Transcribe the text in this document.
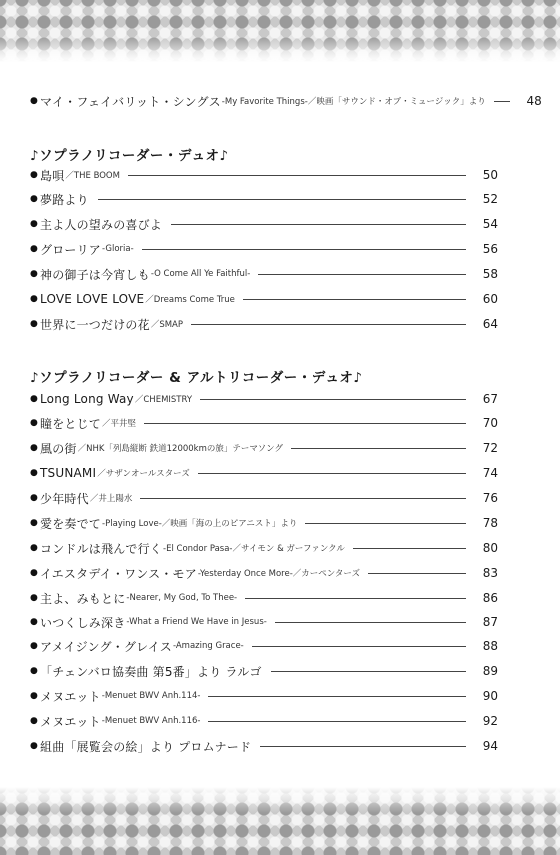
● マイ・フェイバリット・シングス -My Favorite Things-／映画「サウンド・オブ・ミュージック」より	48
♪ソプラノリコーダー・デュオ♪
● 島唄 ／THE BOOM	50
● 夢路より	52
● 主よ人の望みの喜びよ	54
● グローリア -Gloria-	56
● 神の御子は今宵しも -O Come All Ye Faithful-	58
● LOVE LOVE LOVE ／Dreams Come True	60
● 世界に一つだけの花 ／SMAP	64
♪ソプラノリコーダー & アルトリコーダー・デュオ♪
● Long Long Way ／CHEMISTRY	67
● 瞳をとじて ／平井堅	70
● 風の街 ／NHK「列島縦断 鉄道12000kmの旅」テーマソング	72
● TSUNAMI ／サザンオールスターズ	74
● 少年時代 ／井上陽水	76
● 愛を奏でて -Playing Love-／映画「海の上のピアニスト」より	78
● コンドルは飛んで行く -El Condor Pasa-／サイモン & ガーファンクル	80
● イエスタデイ・ワンス・モア -Yesterday Once More-／カーペンターズ	83
● 主よ、みもとに -Nearer, My God, To Thee-	86
● いつくしみ深き -What a Friend We Have in Jesus-	87
● アメイジング・グレイス -Amazing Grace-	88
● 「チェンバロ協奏曲 第5番」より ラルゴ	89
● メヌエット -Menuet BWV Anh.114-	90
● メヌエット -Menuet BWV Anh.116-	92
● 組曲「展覧会の絵」より プロムナード	94
